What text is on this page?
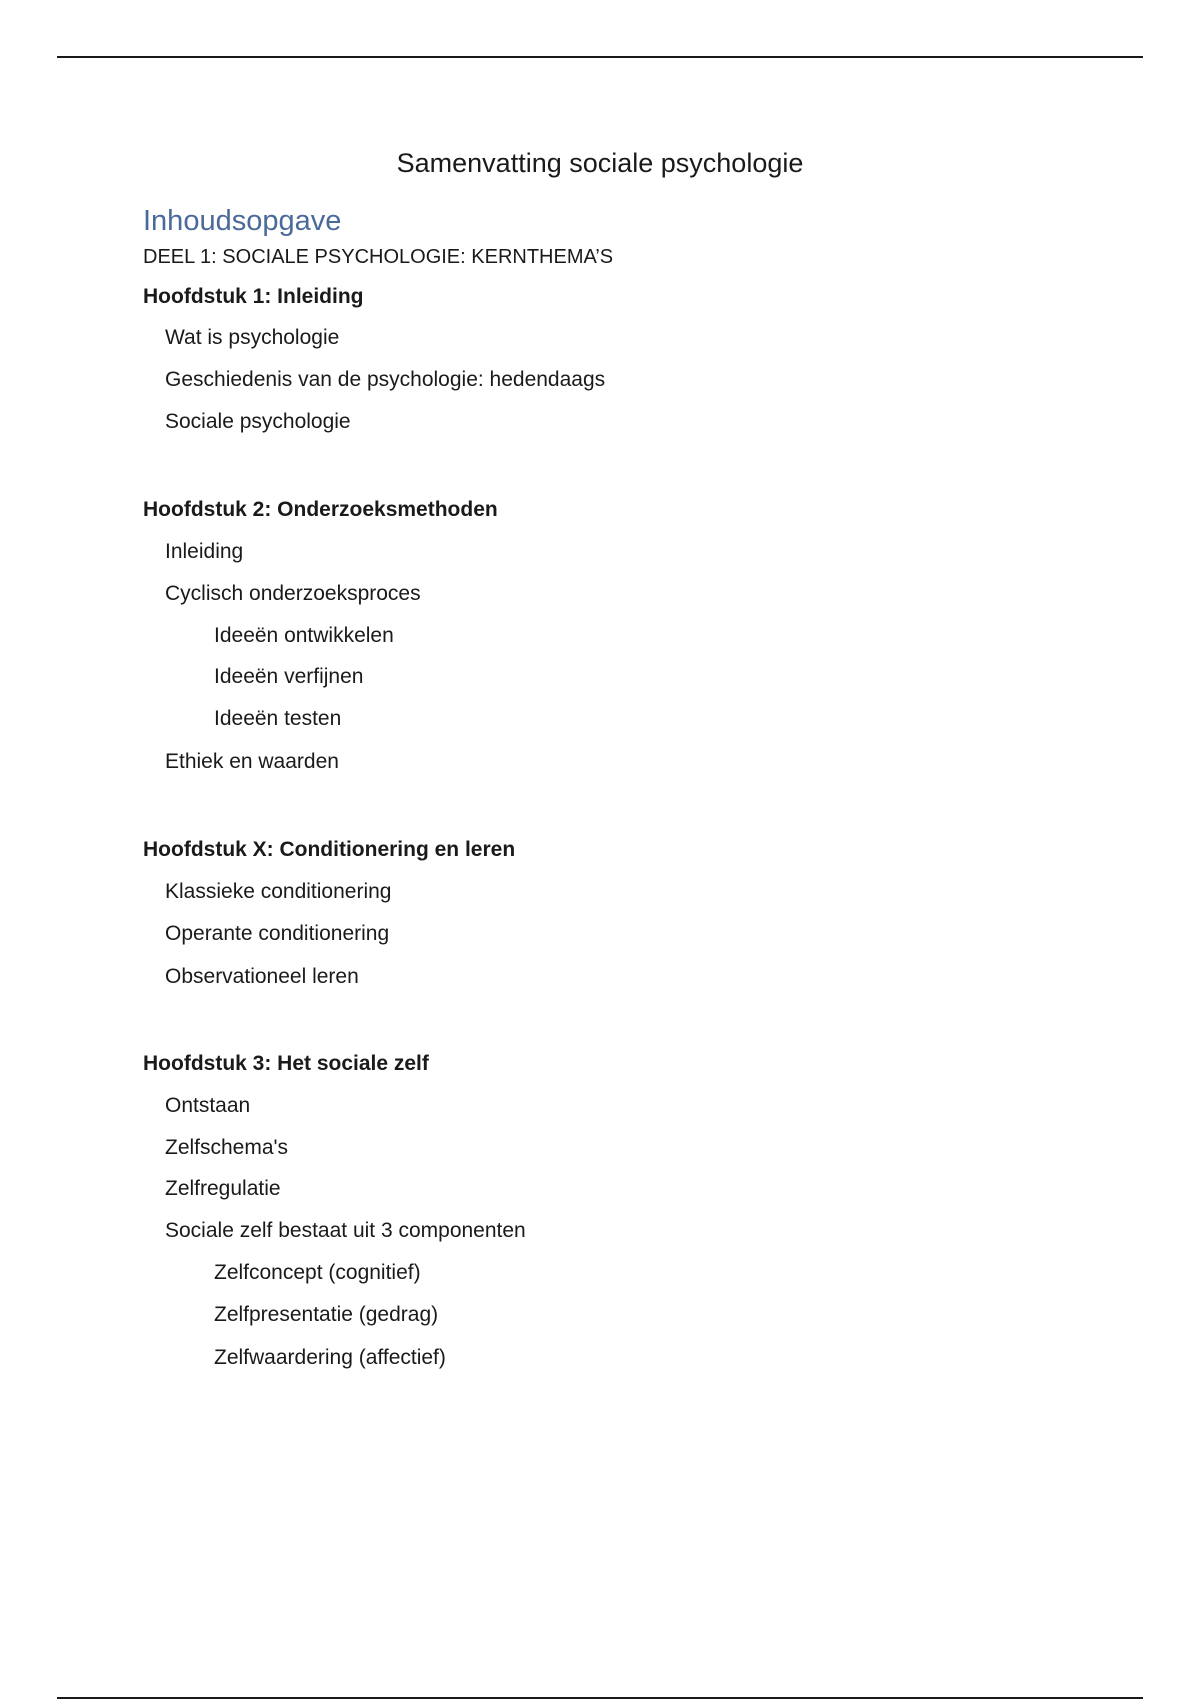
Samenvatting sociale psychologie
Inhoudsopgave
DEEL 1: SOCIALE PSYCHOLOGIE: KERNTHEMA’S
Hoofdstuk 1: Inleiding
Wat is psychologie
Geschiedenis van de psychologie: hedendaags
Sociale psychologie
Hoofdstuk 2: Onderzoeksmethoden
Inleiding
Cyclisch onderzoeksproces
Ideeën ontwikkelen
Ideeën verfijnen
Ideeën testen
Ethiek en waarden
Hoofdstuk X: Conditionering en leren
Klassieke conditionering
Operante conditionering
Observationeel leren
Hoofdstuk 3: Het sociale zelf
Ontstaan
Zelfschema's
Zelfregulatie
Sociale zelf bestaat uit 3 componenten
Zelfconcept (cognitief)
Zelfpresentatie (gedrag)
Zelfwaardering (affectief)
